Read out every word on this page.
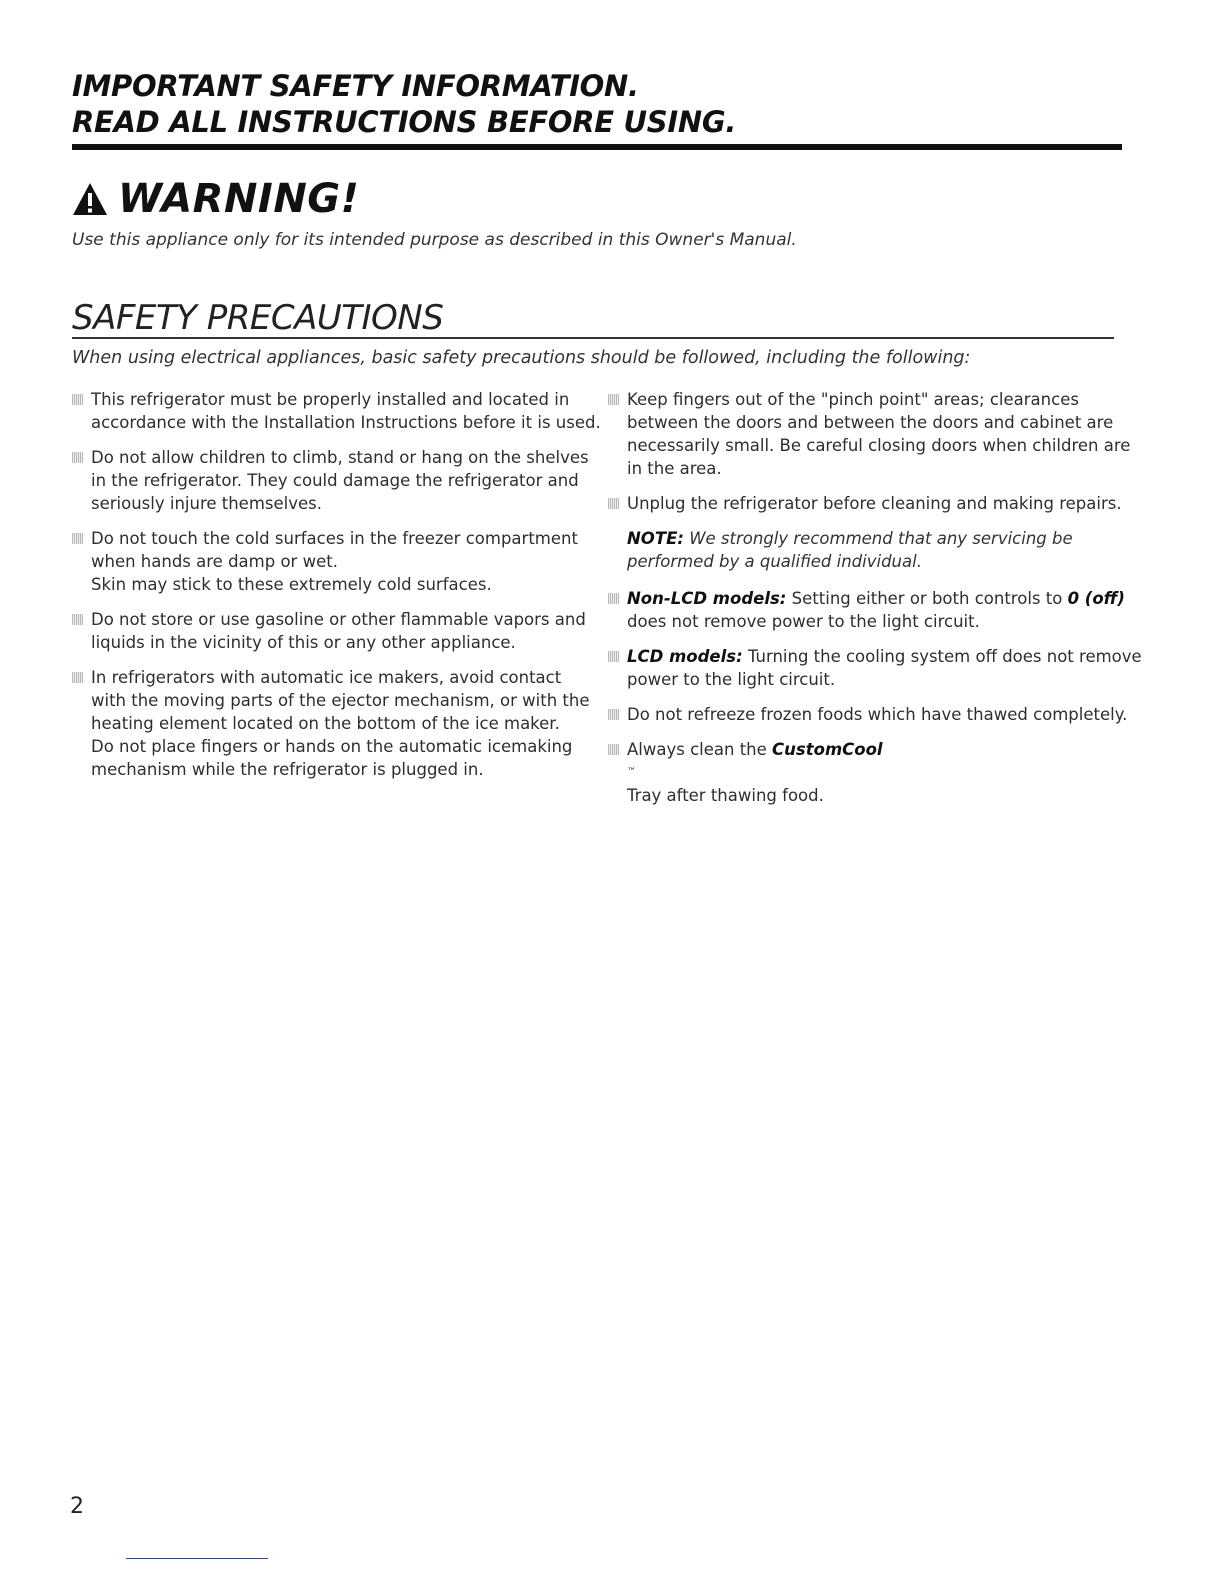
IMPORTANT SAFETY INFORMATION.
READ ALL INSTRUCTIONS BEFORE USING.
WARNING!
Use this appliance only for its intended purpose as described in this Owner's Manual.
SAFETY PRECAUTIONS
When using electrical appliances, basic safety precautions should be followed, including the following:
This refrigerator must be properly installed and located in
accordance with the Installation Instructions before it is used.
Do not allow children to climb, stand or hang on the shelves
in the refrigerator. They could damage the refrigerator and
seriously injure themselves.
Do not touch the cold surfaces in the freezer compartment
when hands are damp or wet.
Skin may stick to these extremely cold surfaces.
Do not store or use gasoline or other flammable vapors and
liquids in the vicinity of this or any other appliance.
In refrigerators with automatic ice makers, avoid contact
with the moving parts of the ejector mechanism, or with the
heating element located on the bottom of the ice maker.
Do not place fingers or hands on the automatic icemaking
mechanism while the refrigerator is plugged in.
Keep fingers out of the "pinch point" areas; clearances
between the doors and between the doors and cabinet are
necessarily small. Be careful closing doors when children are
in the area.
Unplug the refrigerator before cleaning and making repairs.
NOTE: We strongly recommend that any servicing be
performed by a qualified individual.
Non-LCD models: Setting either or both controls to 0 (off)
does not remove power to the light circuit.
LCD models: Turning the cooling system off does not remove
power to the light circuit.
Do not refreeze frozen foods which have thawed completely.
Always clean the CustomCool
™
Tray after thawing food.
2
